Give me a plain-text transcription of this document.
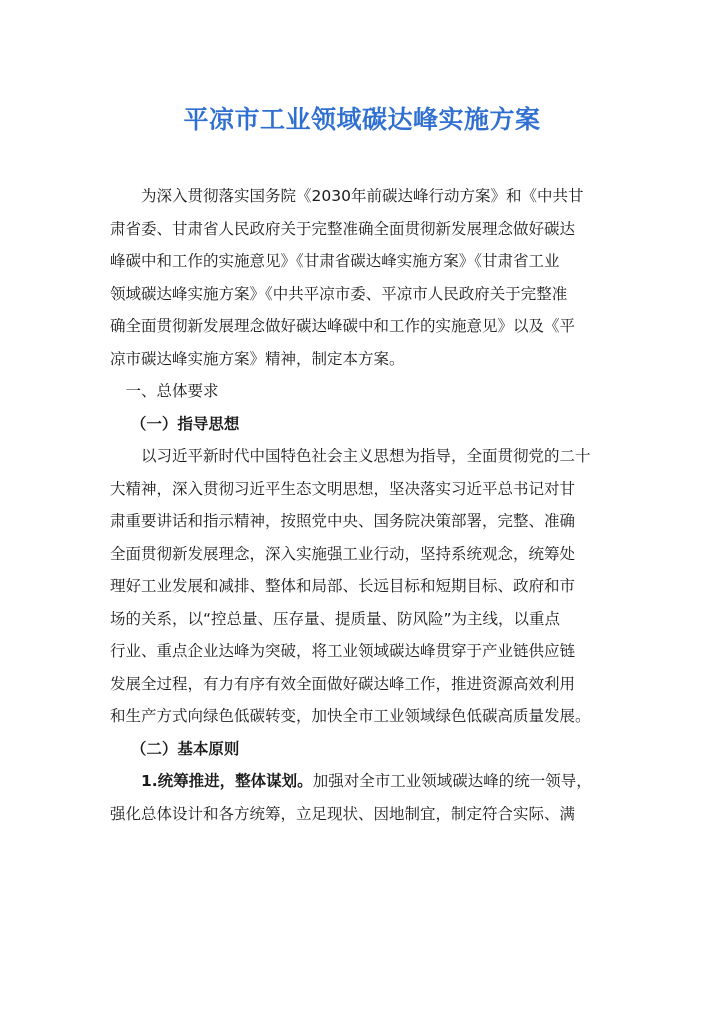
平凉市工业领域碳达峰实施方案

为深入贯彻落实国务院《2030年前碳达峰行动方案》和《中共甘
肃省委、甘肃省人民政府关于完整准确全面贯彻新发展理念做好碳达
峰碳中和工作的实施意见》《甘肃省碳达峰实施方案》《甘肃省工业
领域碳达峰实施方案》《中共平凉市委、平凉市人民政府关于完整准
确全面贯彻新发展理念做好碳达峰碳中和工作的实施意见》以及《平
凉市碳达峰实施方案》精神，制定本方案。

一、总体要求

（一）指导思想

以习近平新时代中国特色社会主义思想为指导，全面贯彻党的二十
大精神，深入贯彻习近平生态文明思想，坚决落实习近平总书记对甘
肃重要讲话和指示精神，按照党中央、国务院决策部署，完整、准确
全面贯彻新发展理念，深入实施强工业行动，坚持系统观念，统筹处
理好工业发展和减排、整体和局部、长远目标和短期目标、政府和市
场的关系，以“控总量、压存量、提质量、防风险”为主线，以重点
行业、重点企业达峰为突破，将工业领域碳达峰贯穿于产业链供应链
发展全过程，有力有序有效全面做好碳达峰工作，推进资源高效利用
和生产方式向绿色低碳转变，加快全市工业领域绿色低碳高质量发展。

（二）基本原则

1.统筹推进，整体谋划。加强对全市工业领域碳达峰的统一领导，
强化总体设计和各方统筹，立足现状、因地制宜，制定符合实际、满
